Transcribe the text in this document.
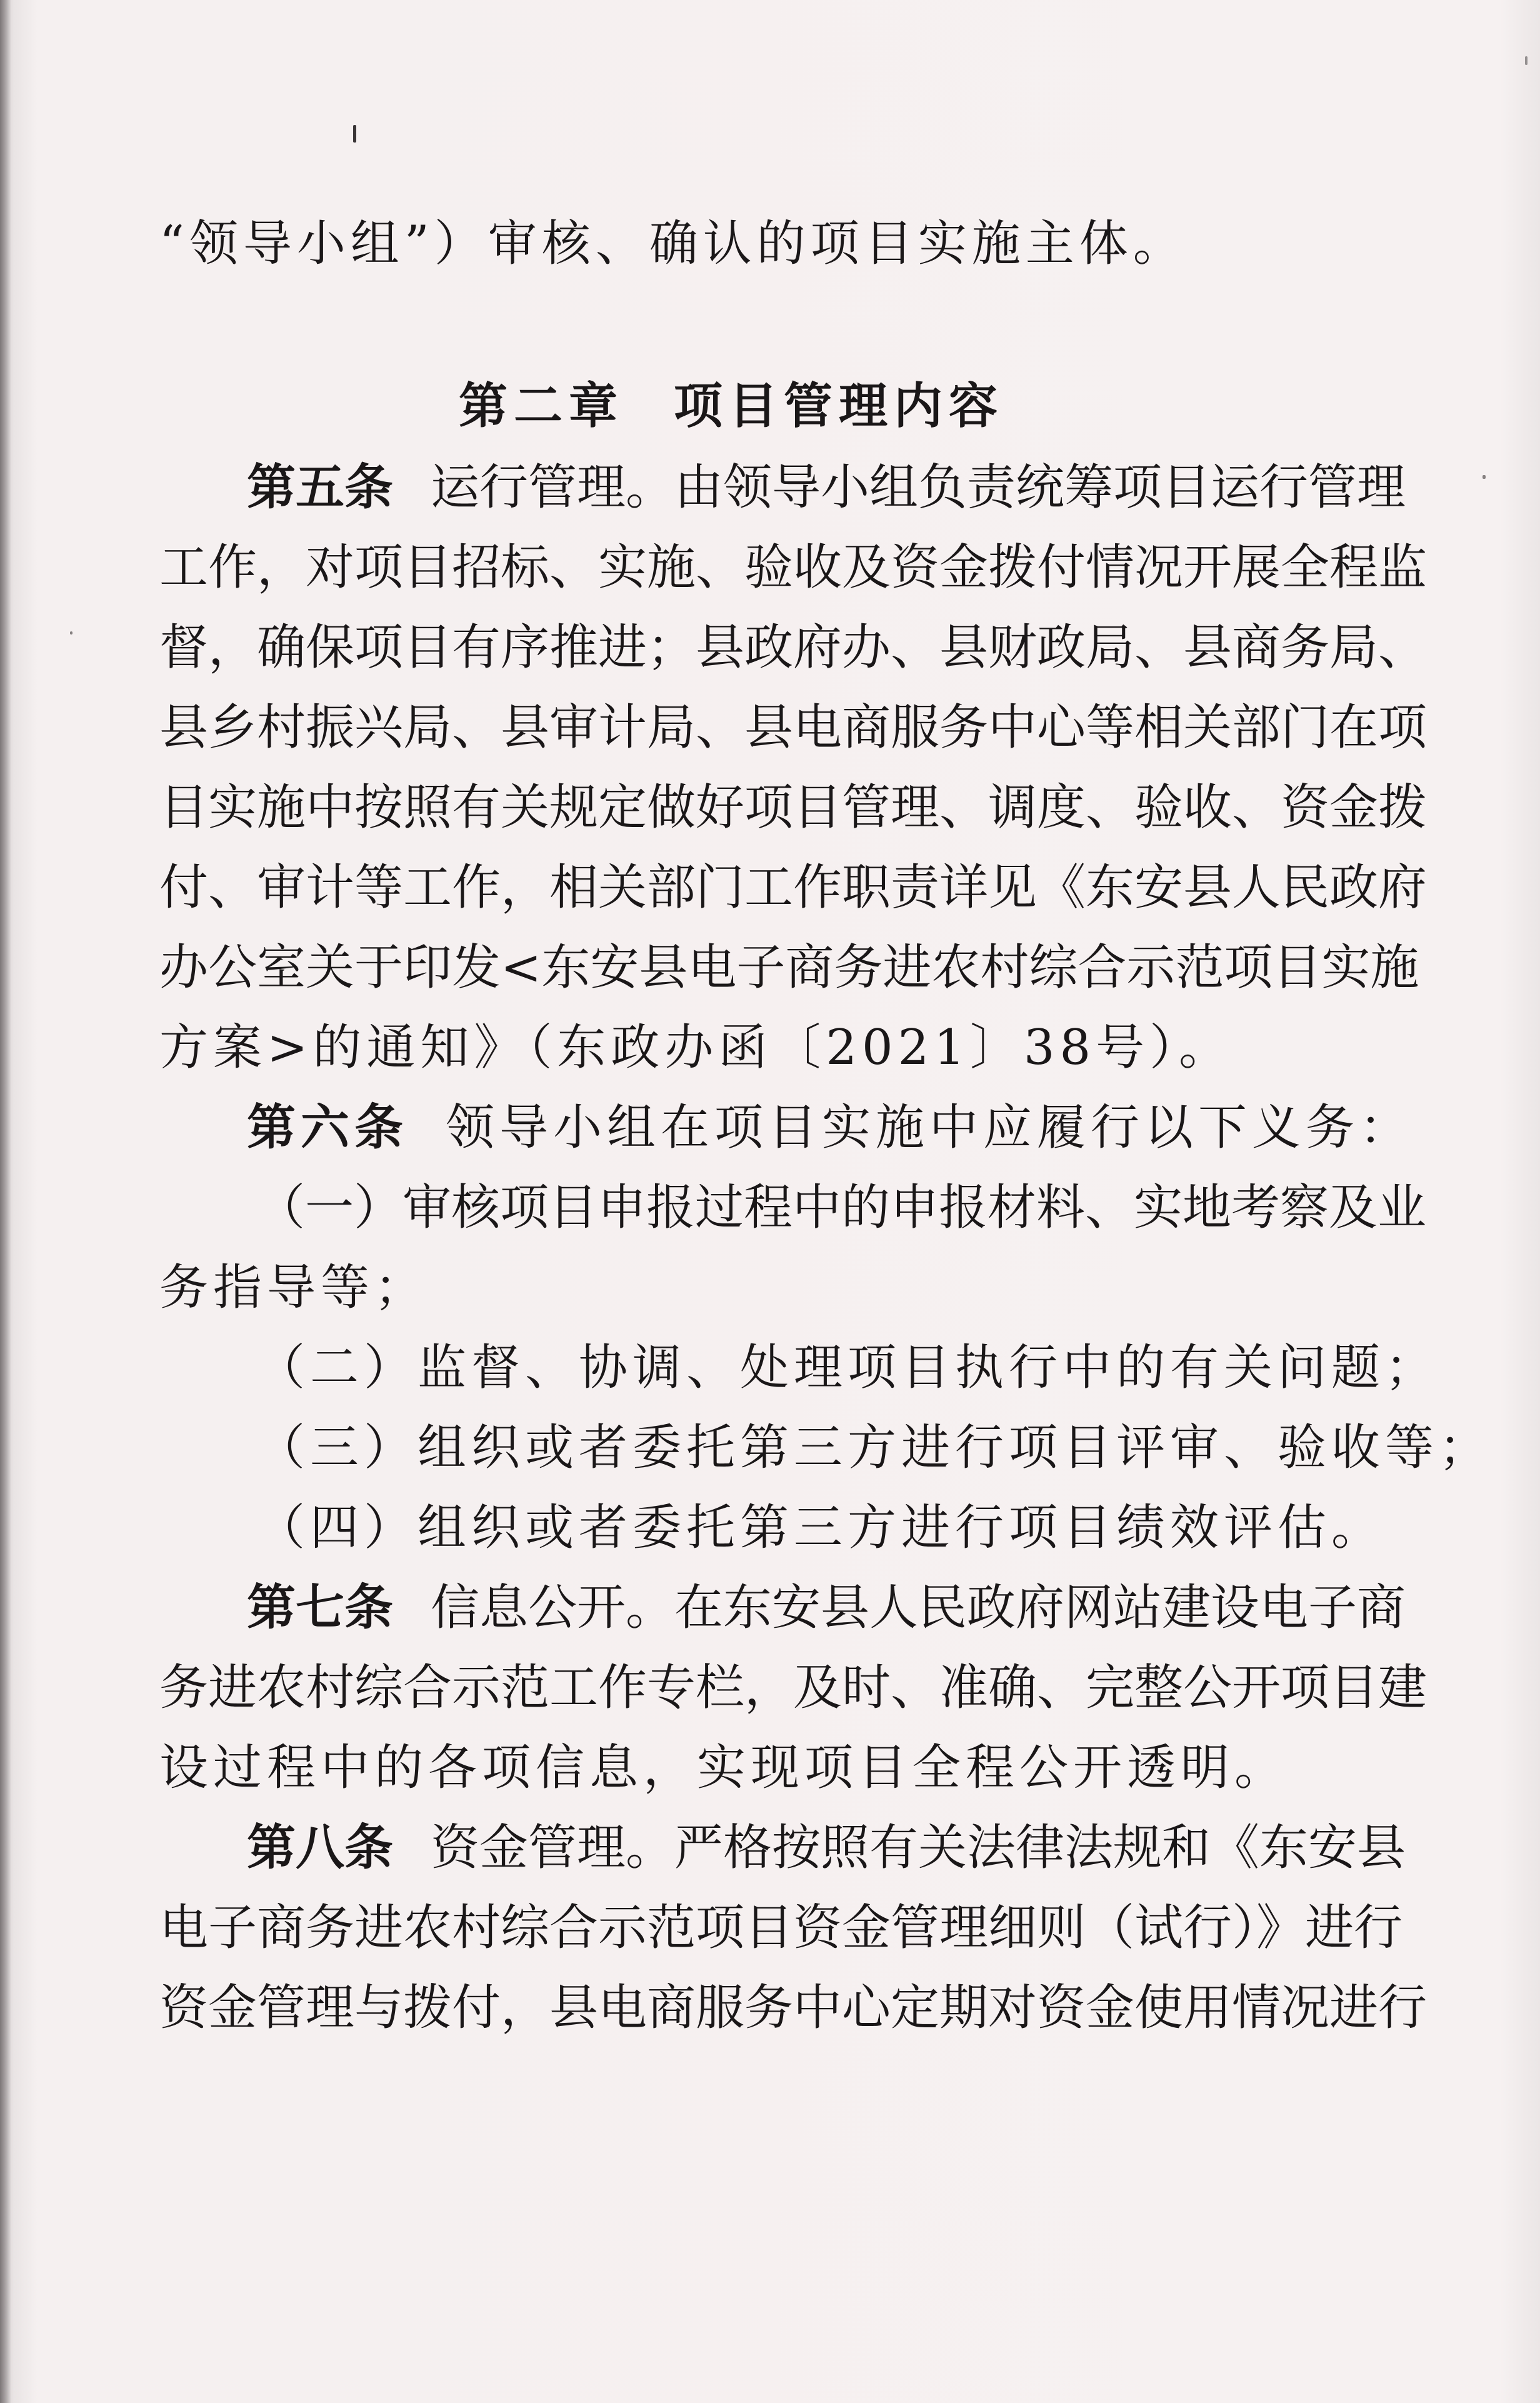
“领导小组”）审核、确认的项目实施主体。
第二章 项目管理内容
第五条 运行管理。由领导小组负责统筹项目运行管理
工作，对项目招标、实施、验收及资金拨付情况开展全程监
督，确保项目有序推进；县政府办、县财政局、县商务局、
县乡村振兴局、县审计局、县电商服务中心等相关部门在项
目实施中按照有关规定做好项目管理、调度、验收、资金拨
付、审计等工作，相关部门工作职责详见《东安县人民政府
办公室关于印发<东安县电子商务进农村综合示范项目实施
方案>的通知》（东政办函〔2021〕38号）。
第六条 领导小组在项目实施中应履行以下义务：
（一）审核项目申报过程中的申报材料、实地考察及业
务指导等；
（二）监督、协调、处理项目执行中的有关问题；
（三）组织或者委托第三方进行项目评审、验收等；
（四）组织或者委托第三方进行项目绩效评估。
第七条 信息公开。在东安县人民政府网站建设电子商
务进农村综合示范工作专栏，及时、准确、完整公开项目建
设过程中的各项信息，实现项目全程公开透明。
第八条 资金管理。严格按照有关法律法规和《东安县
电子商务进农村综合示范项目资金管理细则（试行）》进行
资金管理与拨付，县电商服务中心定期对资金使用情况进行
